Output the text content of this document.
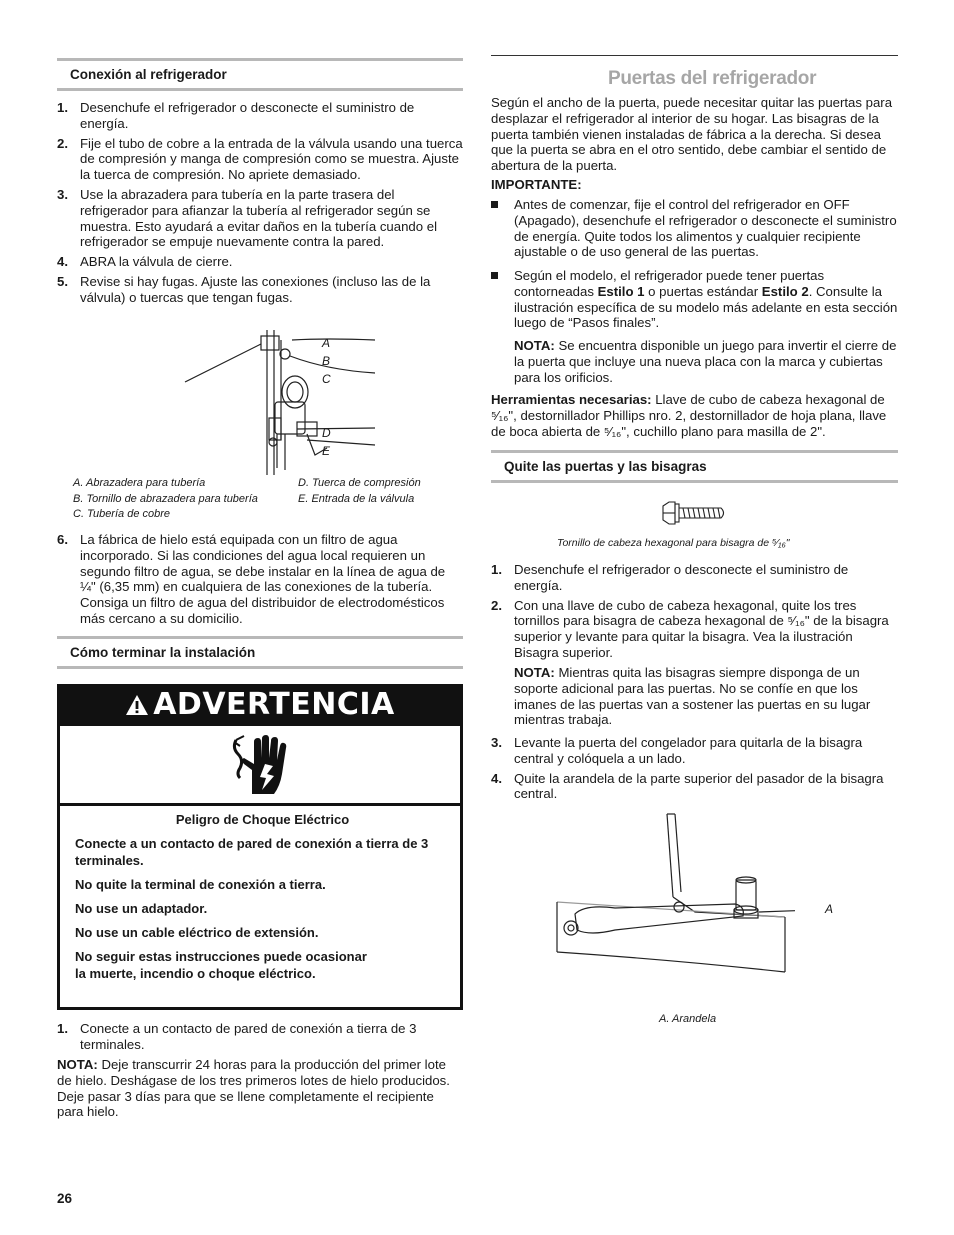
Conexión al refrigerador
1. Desenchufe el refrigerador o desconecte el suministro de energía.
2. Fije el tubo de cobre a la entrada de la válvula usando una tuerca de compresión y manga de compresión como se muestra. Ajuste la tuerca de compresión. No apriete demasiado.
3. Use la abrazadera para tubería en la parte trasera del refrigerador para afianzar la tubería al refrigerador según se muestra. Esto ayudará a evitar daños en la tubería cuando el refrigerador se empuje nuevamente contra la pared.
4. ABRA la válvula de cierre.
5. Revise si hay fugas. Ajuste las conexiones (incluso las de la válvula) o tuercas que tengan fugas.
A
B
C
D
E
A. Abrazadera para tubería
B. Tornillo de abrazadera para tubería
C. Tubería de cobre
D. Tuerca de compresión
E. Entrada de la válvula
6. La fábrica de hielo está equipada con un filtro de agua incorporado. Si las condiciones del agua local requieren un segundo filtro de agua, se debe instalar en la línea de agua de ¼" (6,35 mm) en cualquiera de las conexiones de la tubería. Consiga un filtro de agua del distribuidor de electrodomésticos más cercano a su domicilio.
Cómo terminar la instalación
ADVERTENCIA
Peligro de Choque Eléctrico
Conecte a un contacto de pared de conexión a tierra de 3 terminales.
No quite la terminal de conexión a tierra.
No use un adaptador.
No use un cable eléctrico de extensión.
No seguir estas instrucciones puede ocasionar
la muerte, incendio o choque eléctrico.
1. Conecte a un contacto de pared de conexión a tierra de 3 terminales.

NOTA: Deje transcurrir 24 horas para la producción del primer lote de hielo. Deshágase de los tres primeros lotes de hielo producidos. Deje pasar 3 días para que se llene completamente el recipiente para hielo.

26
Puertas del refrigerador

Según el ancho de la puerta, puede necesitar quitar las puertas para desplazar el refrigerador al interior de su hogar. Las bisagras de la puerta también vienen instaladas de fábrica a la derecha. Si desea que la puerta se abra en el otro sentido, debe cambiar el sentido de abertura de la puerta.

IMPORTANTE:

Antes de comenzar, fije el control del refrigerador en OFF (Apagado), desenchufe el refrigerador o desconecte el suministro de energía. Quite todos los alimentos y cualquier recipiente ajustable o de uso general de las puertas.
Según el modelo, el refrigerador puede tener puertas contorneadas Estilo 1 o puertas estándar Estilo 2. Consulte la ilustración específica de su modelo más adelante en esta sección luego de “Pasos finales”.

NOTA: Se encuentra disponible un juego para invertir el cierre de la puerta que incluye una nueva placa con la marca y cubiertas para los orificios.

Herramientas necesarias: Llave de cubo de cabeza hexagonal de ⁵⁄₁₆", destornillador Phillips nro. 2, destornillador de hoja plana, llave de boca abierta de ⁵⁄₁₆", cuchillo plano para masilla de 2".

Quite las puertas y las bisagras
Tornillo de cabeza hexagonal para bisagra de ⁵⁄₁₆"
1. Desenchufe el refrigerador o desconecte el suministro de energía.
2. Con una llave de cubo de cabeza hexagonal, quite los tres tornillos para bisagra de cabeza hexagonal de ⁵⁄₁₆" de la bisagra superior y levante para quitar la bisagra. Vea la ilustración Bisagra superior.

NOTA: Mientras quita las bisagras siempre disponga de un soporte adicional para las puertas. No se confíe en que los imanes de las puertas van a sostener las puertas en su lugar mientras trabaja.

3. Levante la puerta del congelador para quitarla de la bisagra central y colóquela a un lado.
4. Quite la arandela de la parte superior del pasador de la bisagra central.
A
A. Arandela
